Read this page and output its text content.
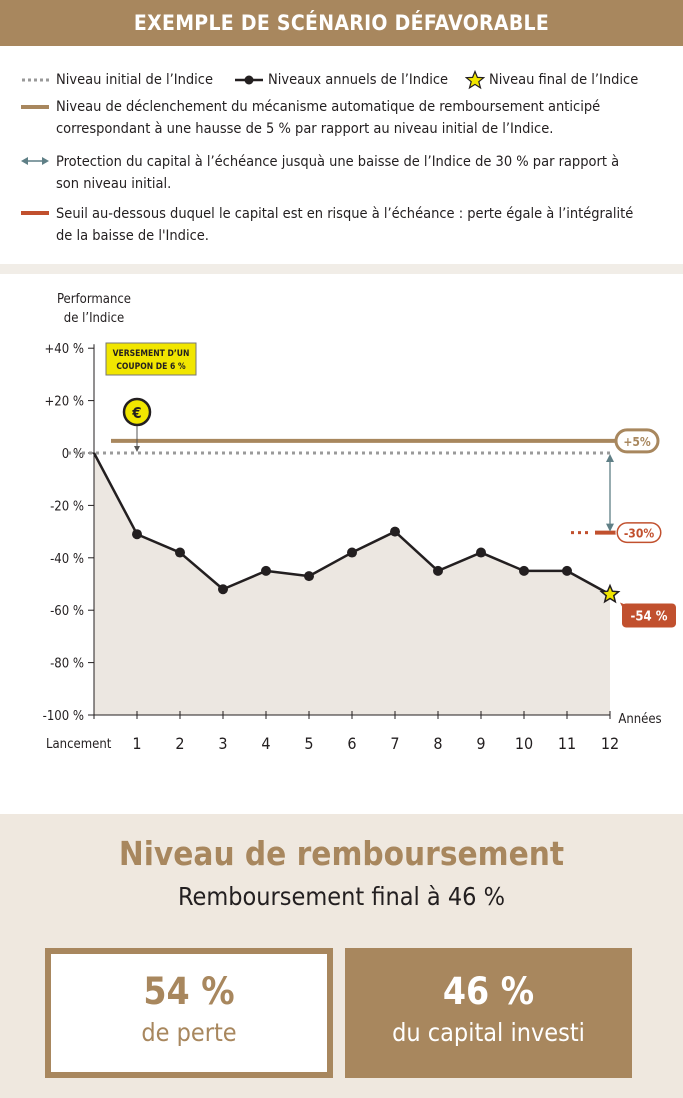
EXEMPLE DE SCÉNARIO DÉFAVORABLE
Niveau initial de l’Indice	Niveaux annuels de l’Indice	Niveau final de l’Indice
Niveau de déclenchement du mécanisme automatique de remboursement anticipé
correspondant à une hausse de 5 % par rapport au niveau initial de l’Indice.
Protection du capital à l’échéance jusquà une baisse de l’Indice de 30 % par rapport à
son niveau initial.
Seuil au-dessous duquel le capital est en risque à l’échéance : perte égale à l’intégralité
de la baisse de l'Indice.
Performance
de l’Indice
+40 %
+20 %
0 %
-20 %
-40 %
-60 %
-80 %
-100 %
Lancement 1 2 3 4 5 6 7 8 9 10 11 12
Années
+5%
-30%
-54 %
VERSEMENT D’UN
COUPON DE 6 %
€
Niveau de remboursement
Remboursement final à 46 %
54 %
de perte
46 %
du capital investi
